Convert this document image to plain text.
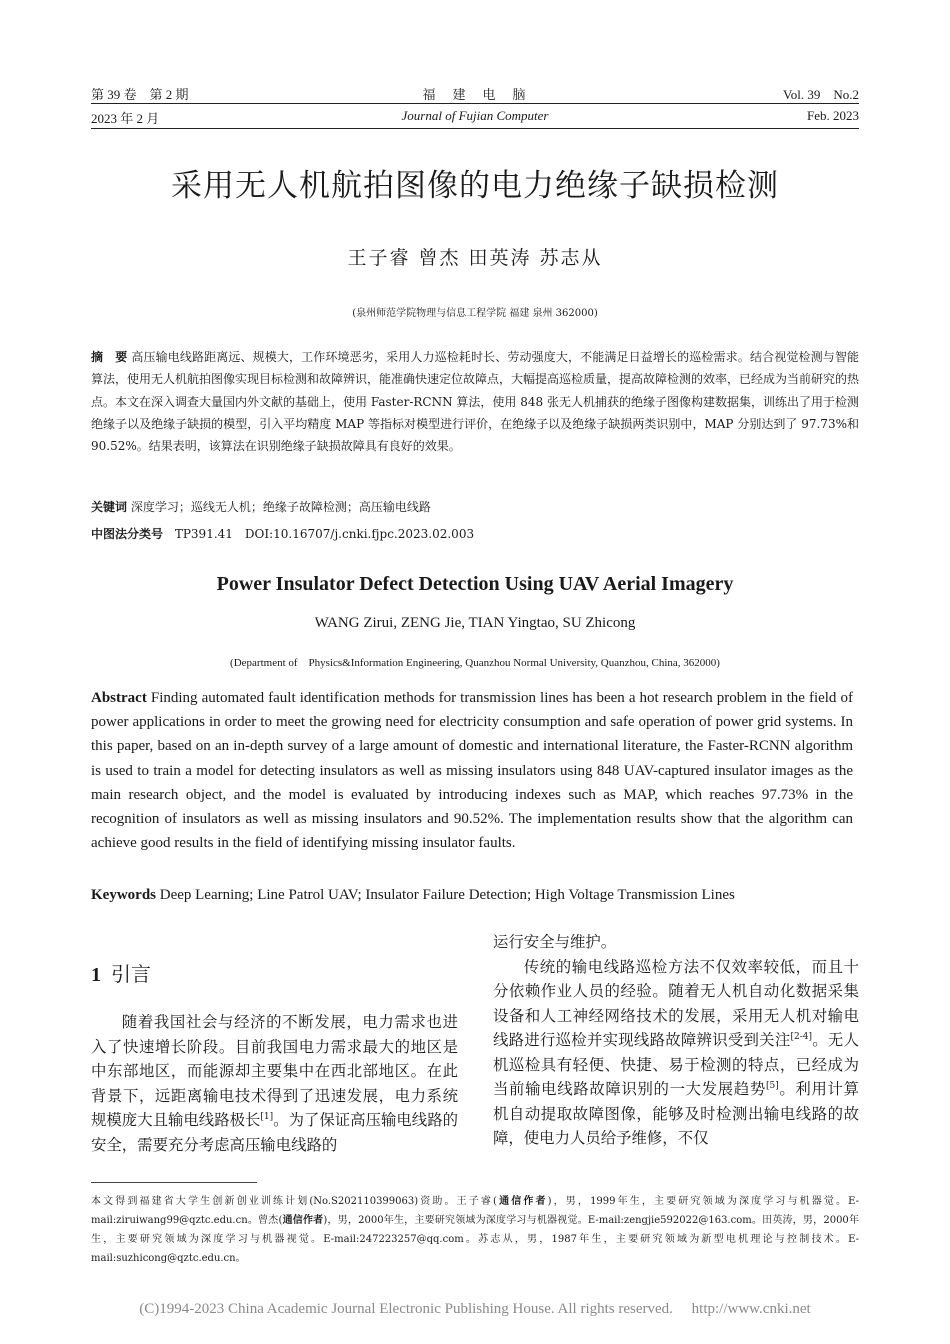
第 39 卷　第 2 期	福　建　电　脑	Vol. 39　No.2
2023 年 2 月	Journal of Fujian Computer	Feb. 2023
采用无人机航拍图像的电力绝缘子缺损检测
王子睿 曾杰 田英涛 苏志从
(泉州师范学院物理与信息工程学院 福建 泉州 362000)
摘　要 高压输电线路距离远、规模大，工作环境恶劣，采用人力巡检耗时长、劳动强度大，不能满足日益增长的巡检需求。结合视觉检测与智能算法，使用无人机航拍图像实现目标检测和故障辨识，能准确快速定位故障点，大幅提高巡检质量，提高故障检测的效率，已经成为当前研究的热点。本文在深入调查大量国内外文献的基础上，使用 Faster-RCNN 算法，使用 848 张无人机捕获的绝缘子图像构建数据集，训练出了用于检测绝缘子以及绝缘子缺损的模型，引入平均精度 MAP 等指标对模型进行评价，在绝缘子以及绝缘子缺损两类识别中，MAP 分别达到了 97.73%和 90.52%。结果表明，该算法在识别绝缘子缺损故障具有良好的效果。
关键词 深度学习；巡线无人机；绝缘子故障检测；高压输电线路
中图法分类号 TP391.41　DOI:10.16707/j.cnki.fjpc.2023.02.003
Power Insulator Defect Detection Using UAV Aerial Imagery
WANG Zirui, ZENG Jie, TIAN Yingtao, SU Zhicong
(Department of　Physics&Information Engineering, Quanzhou Normal University, Quanzhou, China, 362000)
Abstract Finding automated fault identification methods for transmission lines has been a hot research problem in the field of power applications in order to meet the growing need for electricity consumption and safe operation of power grid systems. In this paper, based on an in-depth survey of a large amount of domestic and international literature, the Faster-RCNN algorithm is used to train a model for detecting insulators as well as missing insulators using 848 UAV-captured insulator images as the main research object, and the model is evaluated by introducing indexes such as MAP, which reaches 97.73% in the recognition of insulators as well as missing insulators and 90.52%. The implementation results show that the algorithm can achieve good results in the field of identifying missing insulator faults.
Keywords Deep Learning; Line Patrol UAV; Insulator Failure Detection; High Voltage Transmission Lines
1 引言

随着我国社会与经济的不断发展，电力需求也进入了快速增长阶段。目前我国电力需求最大的地区是中东部地区，而能源却主要集中在西北部地区。在此背景下，远距离输电技术得到了迅速发展，电力系统规模庞大且输电线路极长[1]。为了保证高压输电线路的安全，需要充分考虑高压输电线路的

运行安全与维护。

传统的输电线路巡检方法不仅效率较低，而且十分依赖作业人员的经验。随着无人机自动化数据采集设备和人工神经网络技术的发展，采用无人机对输电线路进行巡检并实现线路故障辨识受到关注[2-4]。无人机巡检具有轻便、快捷、易于检测的特点，已经成为当前输电线路故障识别的一大发展趋势[5]。利用计算机自动提取故障图像，能够及时检测出输电线路的故障，使电力人员给予维修，不仅

本文得到福建省大学生创新创业训练计划(No.S202110399063)资助。王子睿(通信作者)，男，1999年生，主要研究领域为深度学习与机器觉。E-mail:ziruiwang99@qztc.edu.cn。曾杰(通信作者)，男，2000年生，主要研究领域为深度学习与机器视觉。E-mail:zengjie592022@163.com。田英涛，男，2000年生，主要研究领域为深度学习与机器视觉。E-mail:247223257@qq.com。苏志从，男，1987年生，主要研究领域为新型电机理论与控制技术。E-mail:suzhicong@qztc.edu.cn。
(C)1994-2023 China Academic Journal Electronic Publishing House. All rights reserved.　 http://www.cnki.net
